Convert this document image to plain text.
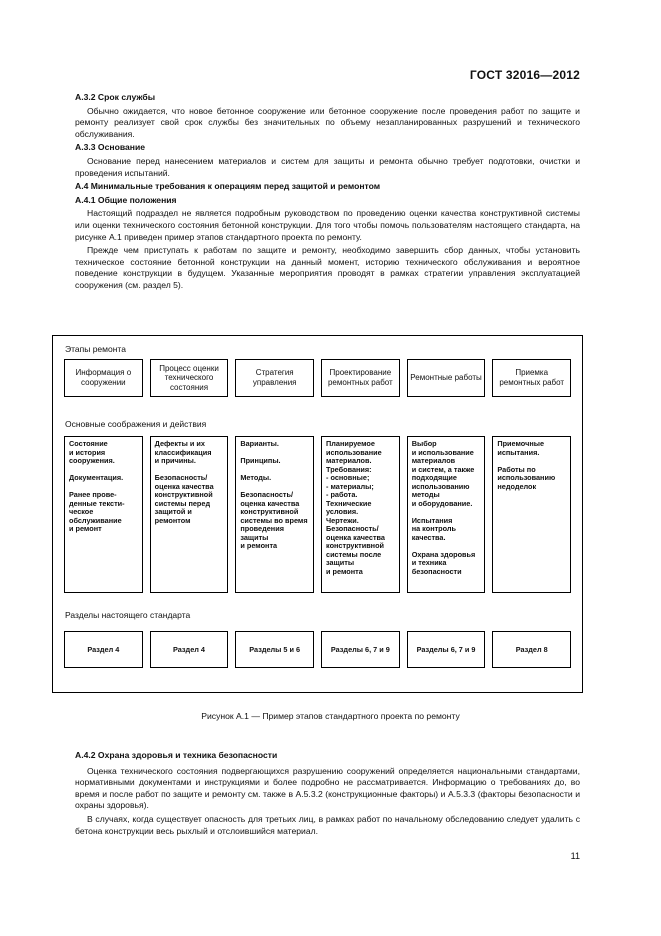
ГОСТ 32016—2012
А.3.2 Срок службы
Обычно ожидается, что новое бетонное сооружение или бетонное сооружение после проведения работ по защите и ремонту реализует свой срок службы без значительных по объему незапланированных разрушений и технического обслуживания.
А.3.3 Основание
Основание перед нанесением материалов и систем для защиты и ремонта обычно требует подготовки, очистки и проведения испытаний.
А.4 Минимальные требования к операциям перед защитой и ремонтом
А.4.1 Общие положения
Настоящий подраздел не является подробным руководством по проведению оценки качества конструктивной системы или оценки технического состояния бетонной конструкции. Для того чтобы помочь пользователям настоящего стандарта, на рисунке А.1 приведен пример этапов стандартного проекта по ремонту.
Прежде чем приступать к работам по защите и ремонту, необходимо завершить сбор данных, чтобы установить техническое состояние бетонной конструкции на данный момент, историю технического обслуживания и вероятное поведение конструкции в будущем. Указанные мероприятия проводят в рамках стратегии управления эксплуатацией сооружения (см. раздел 5).
Этапы ремонта
Информация о сооружении
Процесс оценки технического состояния
Стратегия управления
Проектирование ремонтных работ
Ремонтные работы
Приемка ремонтных работ
Основные соображения и действия
Состояние
и история
сооружения.

Документация.

Ранее прове-
денные тексти-
ческое обслуживание
и ремонт
Дефекты и их
классификация
и причины.

Безопасность/
оценка качества
конструктивной
системы перед
защитой и
ремонтом
Варианты.

Принципы.

Методы.

Безопасность/
оценка качества
конструктивной
системы во время
проведения
защиты
и ремонта
Планируемое
использование
материалов.
Требования:
- основные;
- материалы;
- работа.
Технические
условия.
Чертежи.
Безопасность/
оценка качества
конструктивной
системы после
защиты
и ремонта
Выбор
и использование
материалов
и систем, а также
подходящие
использованию
методы
и оборудование.

Испытания
на контроль
качества.

Охрана здоровья
и техника
безопасности
Приемочные
испытания.

Работы по
использованию
недоделок
Разделы настоящего стандарта
Раздел 4	Раздел 4	Разделы 5 и 6	Разделы 6, 7 и 9	Разделы 6, 7 и 9	Раздел 8
Рисунок А.1 — Пример этапов стандартного проекта по ремонту
А.4.2 Охрана здоровья и техника безопасности
Оценка технического состояния подвергающихся разрушению сооружений определяется национальными стандартами, нормативными документами и инструкциями и более подробно не рассматривается. Информацию о требованиях до, во время и после работ по защите и ремонту см. также в А.5.3.2 (конструкционные факторы) и А.5.3.3 (факторы безопасности и охраны здоровья).
В случаях, когда существует опасность для третьих лиц, в рамках работ по начальному обследованию следует удалить с бетона конструкции весь рыхлый и отслоившийся материал.
11
